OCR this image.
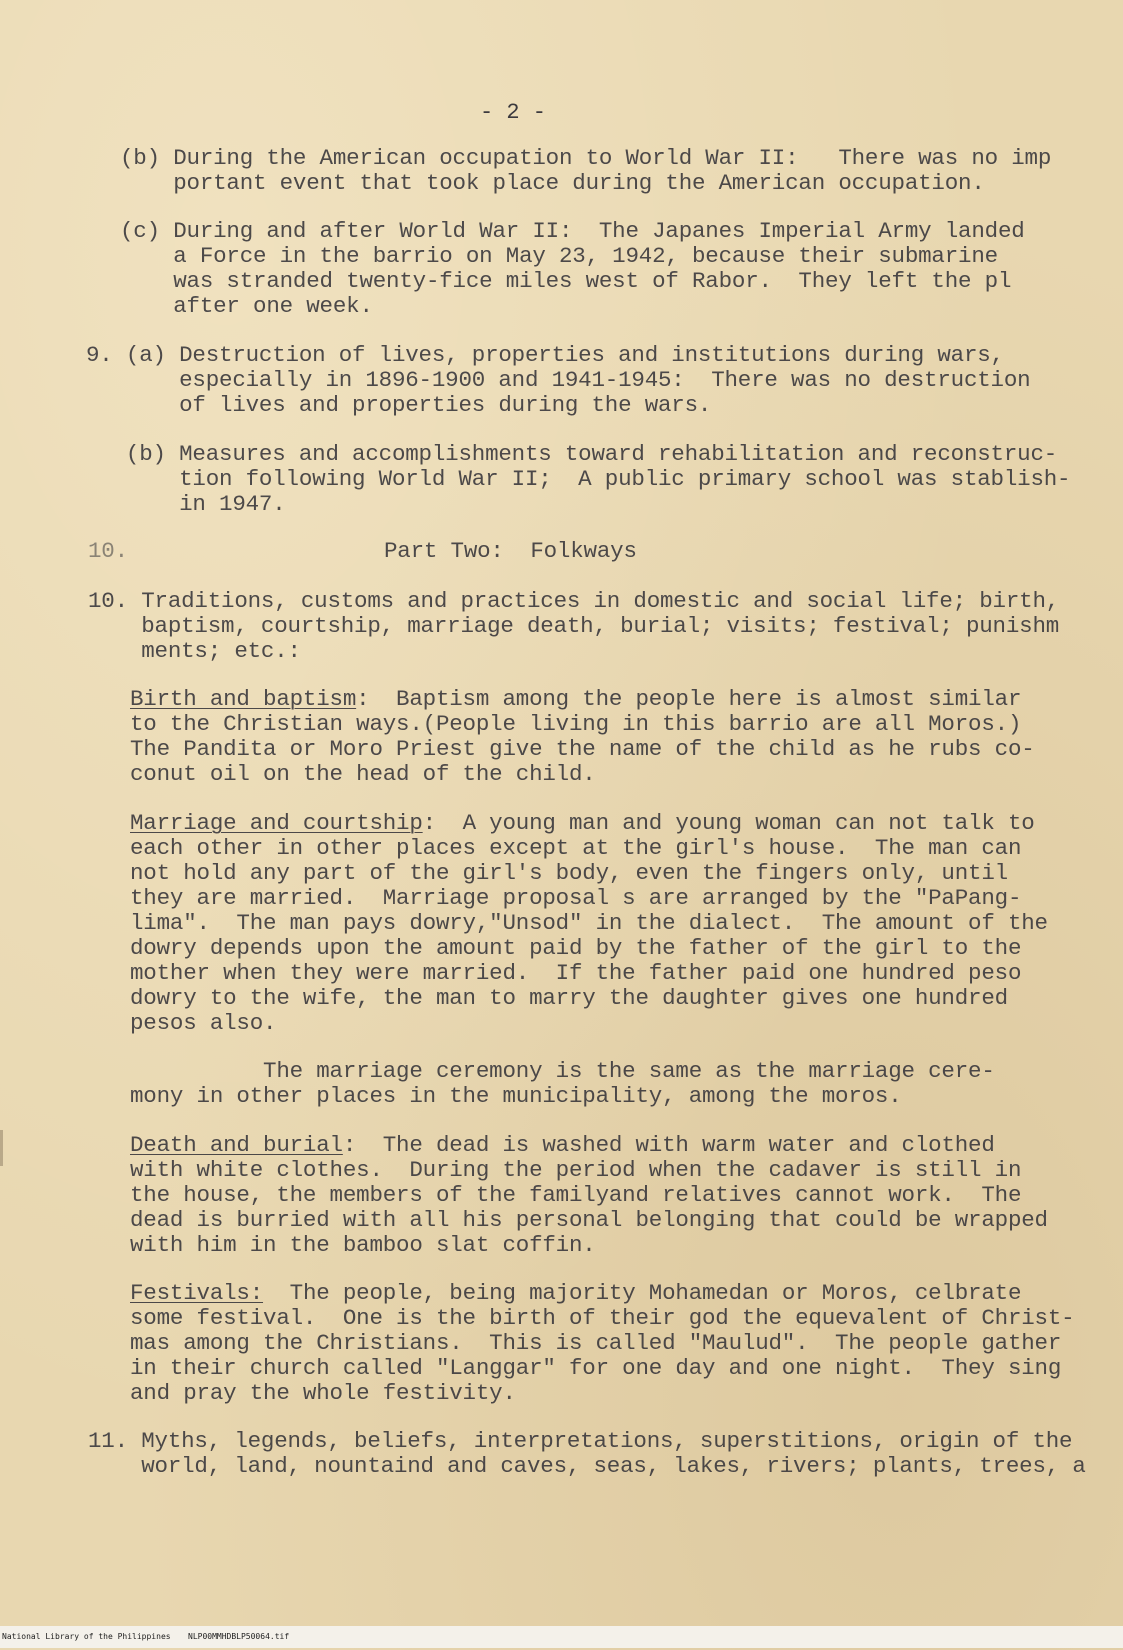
- 2 -
(b) During the American occupation to World War II:   There was no imp
portant event that took place during the American occupation.
(c) During and after World War II:  The Japanes Imperial Army landed
a Force in the barrio on May 23, 1942, because their submarine
was stranded twenty-fice miles west of Rabor.  They left the pl
after one week.
9. (a) Destruction of lives, properties and institutions during wars,
especially in 1896-1900 and 1941-1945:  There was no destruction
of lives and properties during the wars.
(b) Measures and accomplishments toward rehabilitation and reconstruc-
tion following World War II;  A public primary school was stablish-
in 1947.
10.	Part Two:  Folkways
10. Traditions, customs and practices in domestic and social life; birth,
baptism, courtship, marriage death, burial; visits; festival; punishm
ments; etc.:
Birth and baptism:  Baptism among the people here is almost similar
to the Christian ways.(People living in this barrio are all Moros.)
The Pandita or Moro Priest give the name of the child as he rubs co-
conut oil on the head of the child.
Marriage and courtship:  A young man and young woman can not talk to
each other in other places except at the girl's house.  The man can
not hold any part of the girl's body, even the fingers only, until
they are married.  Marriage proposal s are arranged by the "PaPang-
lima".  The man pays dowry,"Unsod" in the dialect.  The amount of the
dowry depends upon the amount paid by the father of the girl to the
mother when they were married.  If the father paid one hundred peso
dowry to the wife, the man to marry the daughter gives one hundred
pesos also.
The marriage ceremony is the same as the marriage cere-
mony in other places in the municipality, among the moros.
Death and burial:  The dead is washed with warm water and clothed
with white clothes.  During the period when the cadaver is still in
the house, the members of the familyand relatives cannot work.  The
dead is burried with all his personal belonging that could be wrapped
with him in the bamboo slat coffin.
Festivals:  The people, being majority Mohamedan or Moros, celbrate
some festival.  One is the birth of their god the equevalent of Christ-
mas among the Christians.  This is called "Maulud".  The people gather
in their church called "Langgar" for one day and one night.  They sing
and pray the whole festivity.
11. Myths, legends, beliefs, interpretations, superstitions, origin of the
world, land, nountaind and caves, seas, lakes, rivers; plants, trees, a
National Library of the Philippines NLP00MMHDBLP50064.tif
